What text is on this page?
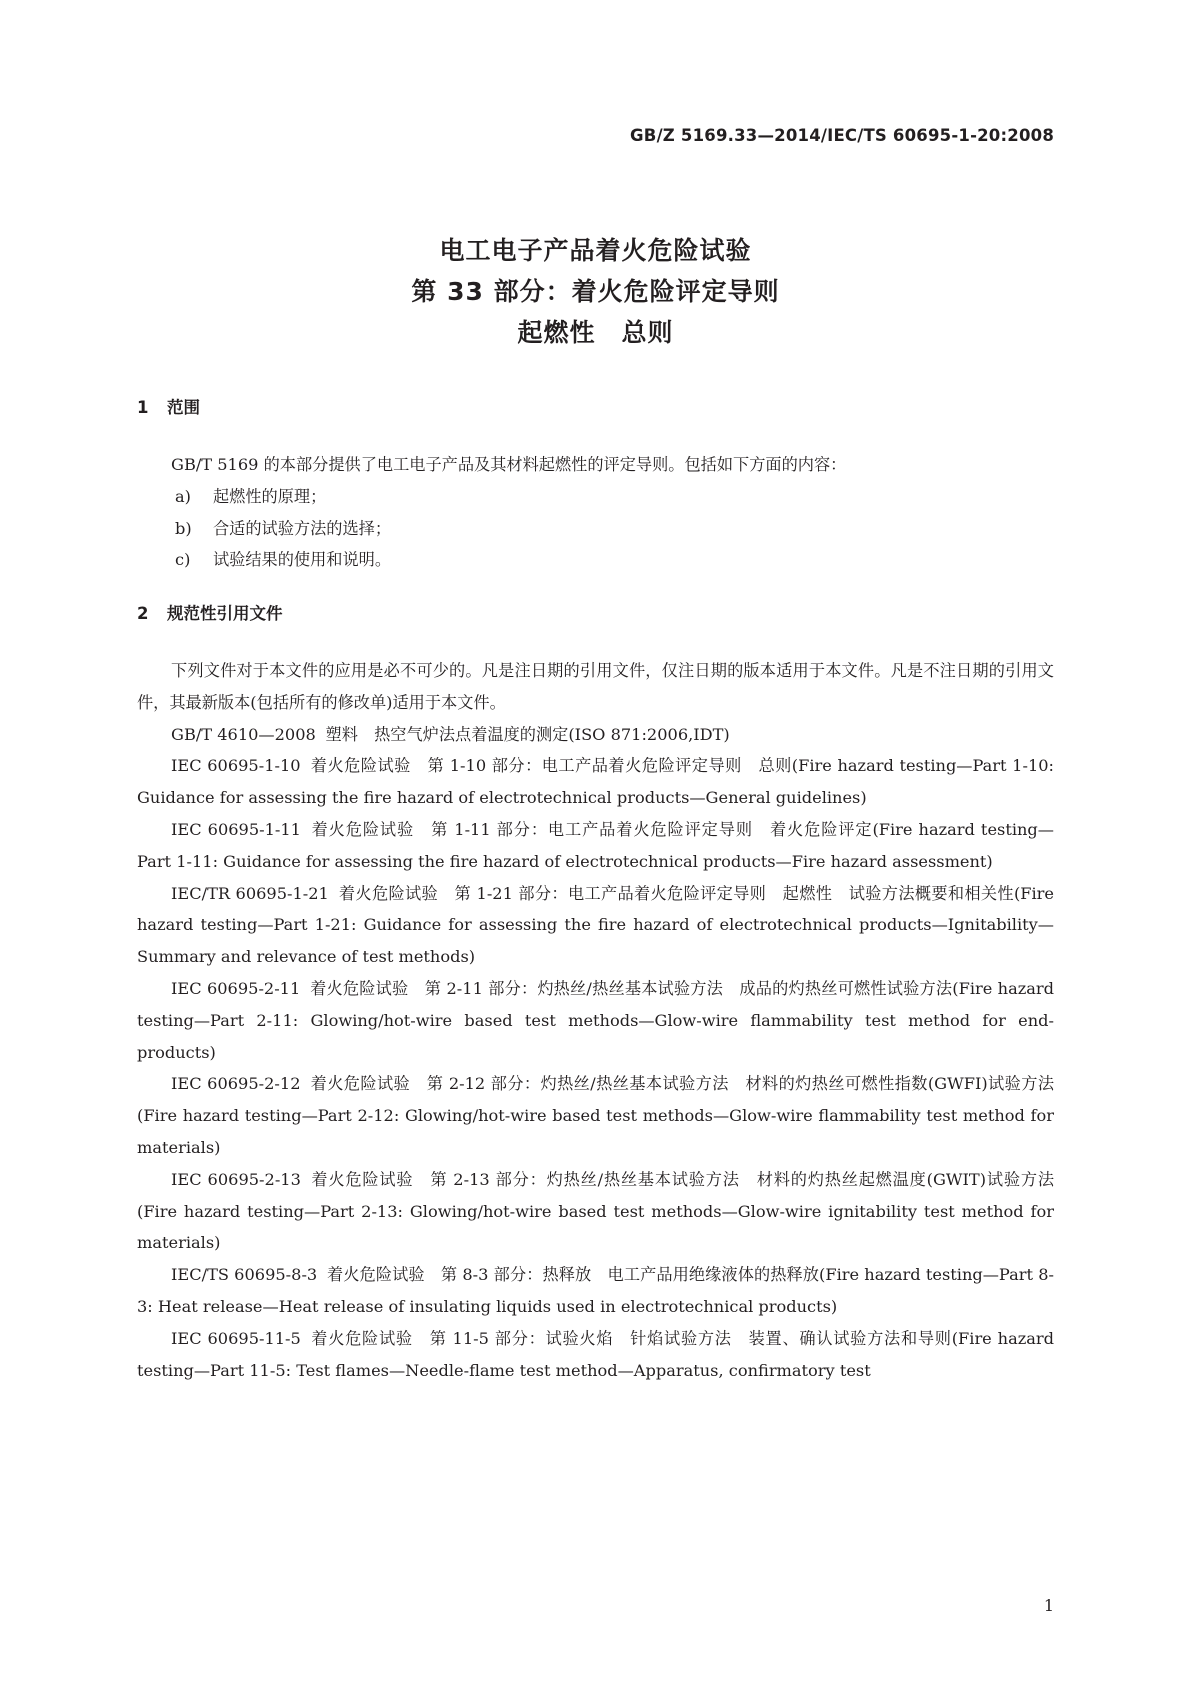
GB/Z 5169.33—2014/IEC/TS 60695-1-20:2008
电工电子产品着火危险试验
第 33 部分：着火危险评定导则
起燃性　总则
1 范围
GB/T 5169 的本部分提供了电工电子产品及其材料起燃性的评定导则。包括如下方面的内容：
a) 起燃性的原理；
b) 合适的试验方法的选择；
c) 试验结果的使用和说明。
2 规范性引用文件
下列文件对于本文件的应用是必不可少的。凡是注日期的引用文件，仅注日期的版本适用于本文件。凡是不注日期的引用文件，其最新版本(包括所有的修改单)适用于本文件。
GB/T 4610—2008 塑料　热空气炉法点着温度的测定(ISO 871:2006,IDT)
IEC 60695-1-10 着火危险试验　第 1-10 部分：电工产品着火危险评定导则　总则(Fire hazard testing—Part 1-10: Guidance for assessing the fire hazard of electrotechnical products—General guidelines)
IEC 60695-1-11 着火危险试验　第 1-11 部分：电工产品着火危险评定导则　着火危险评定(Fire hazard testing—Part 1-11: Guidance for assessing the fire hazard of electrotechnical products—Fire hazard assessment)
IEC/TR 60695-1-21 着火危险试验　第 1-21 部分：电工产品着火危险评定导则　起燃性　试验方法概要和相关性(Fire hazard testing—Part 1-21: Guidance for assessing the fire hazard of electrotechnical products—Ignitability—Summary and relevance of test methods)
IEC 60695-2-11 着火危险试验　第 2-11 部分：灼热丝/热丝基本试验方法　成品的灼热丝可燃性试验方法(Fire hazard testing—Part 2-11: Glowing/hot-wire based test methods—Glow-wire flammability test method for end-products)
IEC 60695-2-12 着火危险试验　第 2-12 部分：灼热丝/热丝基本试验方法　材料的灼热丝可燃性指数(GWFI)试验方法(Fire hazard testing—Part 2-12: Glowing/hot-wire based test methods—Glow-wire flammability test method for materials)
IEC 60695-2-13 着火危险试验　第 2-13 部分：灼热丝/热丝基本试验方法　材料的灼热丝起燃温度(GWIT)试验方法(Fire hazard testing—Part 2-13: Glowing/hot-wire based test methods—Glow-wire ignitability test method for materials)
IEC/TS 60695-8-3 着火危险试验　第 8-3 部分：热释放　电工产品用绝缘液体的热释放(Fire hazard testing—Part 8-3: Heat release—Heat release of insulating liquids used in electrotechnical products)
IEC 60695-11-5 着火危险试验　第 11-5 部分：试验火焰　针焰试验方法　装置、确认试验方法和导则(Fire hazard testing—Part 11-5: Test flames—Needle-flame test method—Apparatus, confirmatory test
1
